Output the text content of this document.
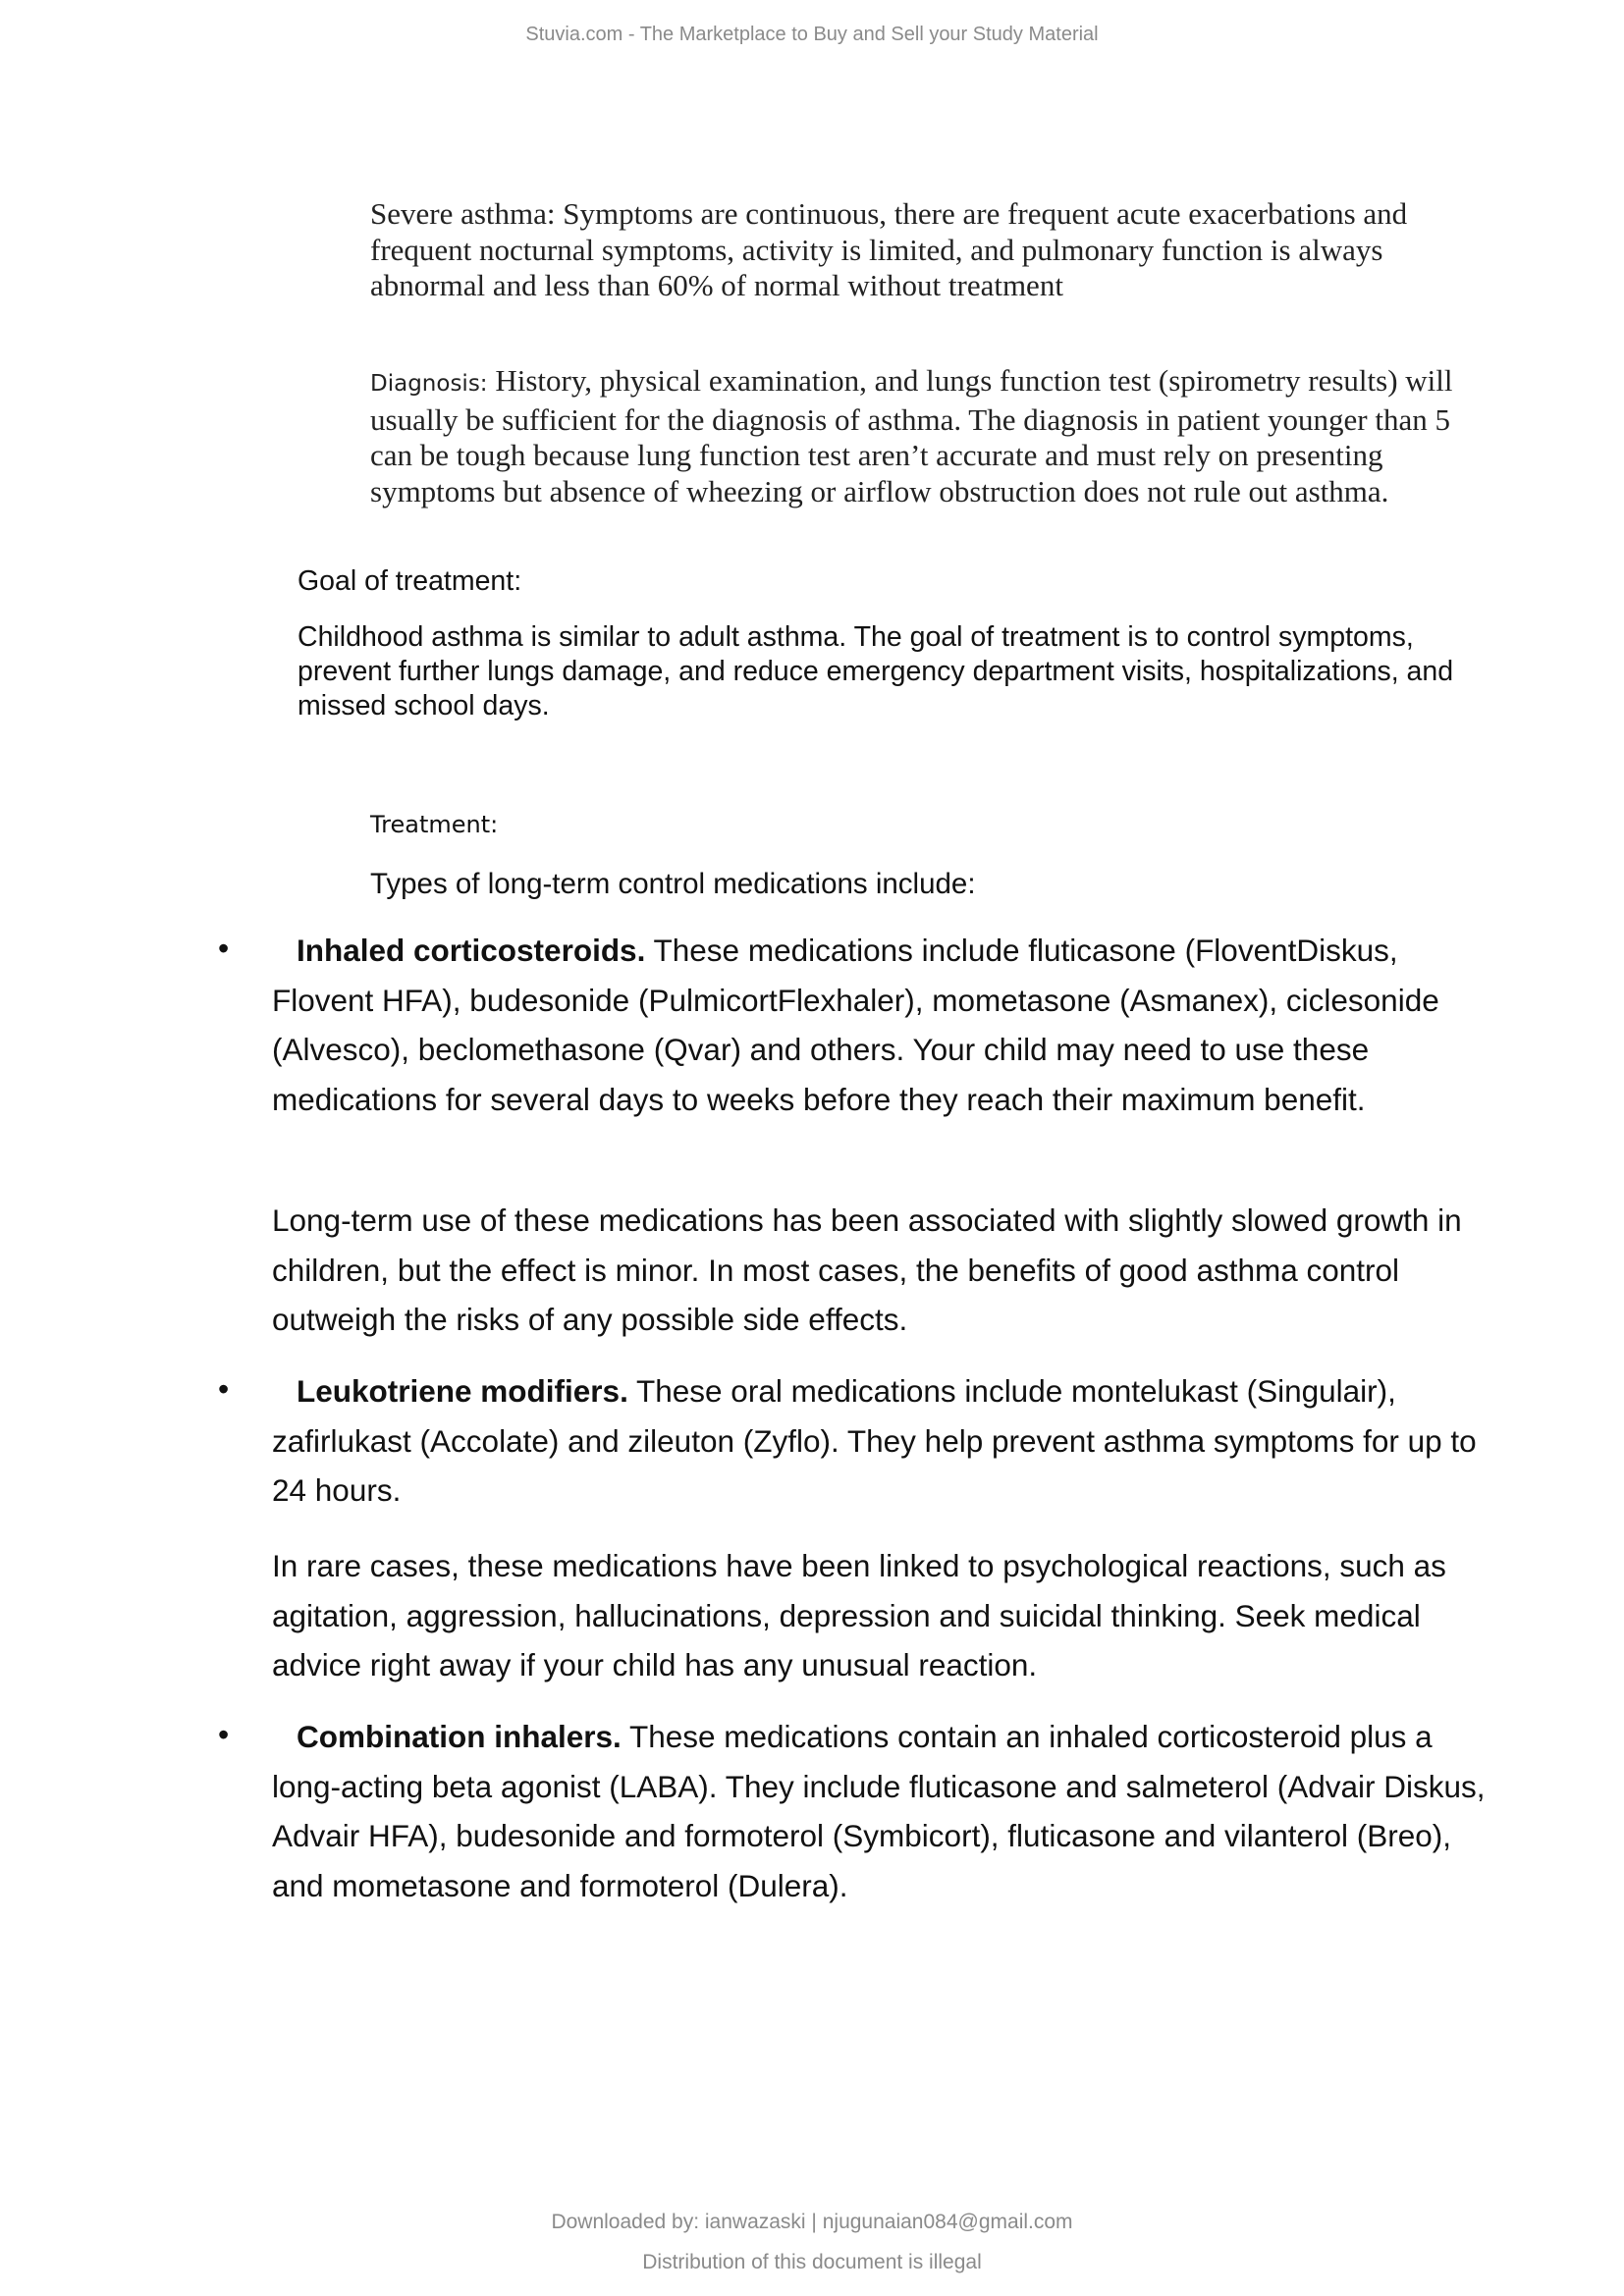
Stuvia.com - The Marketplace to Buy and Sell your Study Material
Severe asthma: Symptoms are continuous, there are frequent acute exacerbations and frequent nocturnal symptoms, activity is limited, and pulmonary function is always abnormal and less than 60% of normal without treatment
Diagnosis: History, physical examination, and lungs function test (spirometry results) will usually be sufficient for the diagnosis of asthma. The diagnosis in patient younger than 5 can be tough because lung function test aren’t accurate and must rely on presenting symptoms but absence of wheezing or airflow obstruction does not rule out asthma.
Goal of treatment:
Childhood asthma is similar to adult asthma. The goal of treatment is to control symptoms, prevent further lungs damage, and reduce emergency department visits, hospitalizations, and missed school days.
Treatment:
Types of long-term control medications include:
•	Inhaled corticosteroids. These medications include fluticasone (FloventDiskus, Flovent HFA), budesonide (PulmicortFlexhaler), mometasone (Asmanex), ciclesonide (Alvesco), beclomethasone (Qvar) and others. Your child may need to use these medications for several days to weeks before they reach their maximum benefit.
Long-term use of these medications has been associated with slightly slowed growth in children, but the effect is minor. In most cases, the benefits of good asthma control outweigh the risks of any possible side effects.
•	Leukotriene modifiers. These oral medications include montelukast (Singulair), zafirlukast (Accolate) and zileuton (Zyflo). They help prevent asthma symptoms for up to 24 hours.
In rare cases, these medications have been linked to psychological reactions, such as agitation, aggression, hallucinations, depression and suicidal thinking. Seek medical advice right away if your child has any unusual reaction.
•	Combination inhalers. These medications contain an inhaled corticosteroid plus a long-acting beta agonist (LABA). They include fluticasone and salmeterol (Advair Diskus, Advair HFA), budesonide and formoterol (Symbicort), fluticasone and vilanterol (Breo), and mometasone and formoterol (Dulera).
Downloaded by: ianwazaski | njugunaian084@gmail.com
Distribution of this document is illegal
